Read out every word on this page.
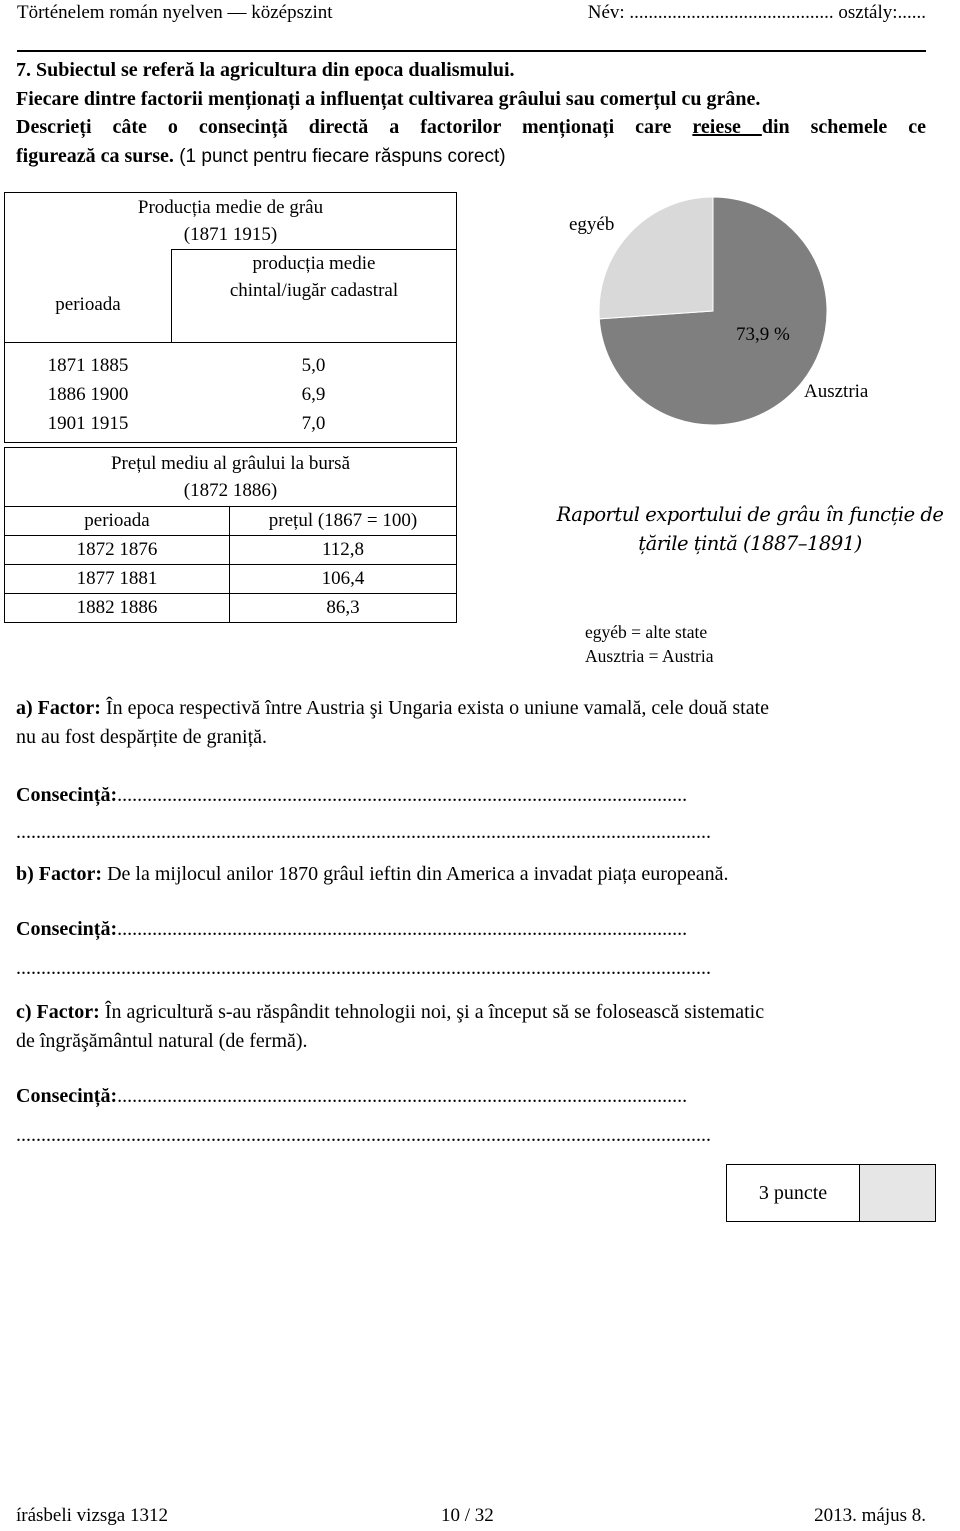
Történelem román nyelven — középszint	Név: ........................................... osztály:......

7. Subiectul se referă la agricultura din epoca dualismului.

Fiecare dintre factorii menționați a influențat cultivarea grâului sau comerțul cu grâne.

Descrieți câte o consecință directă a factorilor menționați care reiese din schemele ce

figurează ca surse. (1 punct pentru fiecare răspuns corect)

Producția medie de grâu
(1871 1915)

perioada	
producția medie
chintal/iugăr cadastral

1871 1885	5,0
1886 1900	6,9
1901 1915	7,0
egyéb
73,9 %
Ausztria
Prețul mediu al grâului la bursă
(1872 1886)	

perioada	prețul (1867 = 100)
1872 1876	112,8
1877 1881	106,4
1882 1886	86,3
Raportul exportului de grâu în funcție de
țările țintă (1887–1891)
egyéb = alte state
Ausztria = Austria

a) Factor: În epoca respectivă între Austria şi Ungaria exista o uniune vamală, cele două state

nu au fost despărțite de graniță.

Consecință:..................................................................................................................

...........................................................................................................................................

b) Factor: De la mijlocul anilor 1870 grâul ieftin din America a invadat piața europeană.

Consecință:..................................................................................................................

...........................................................................................................................................

c) Factor: În agricultură s-au răspândit tehnologii noi, şi a început să se folosească sistematic

de îngrăşământul natural (de fermă).

Consecință:..................................................................................................................

...........................................................................................................................................

3 puncte
írásbeli vizsga 1312	10 / 32	2013. május 8.
